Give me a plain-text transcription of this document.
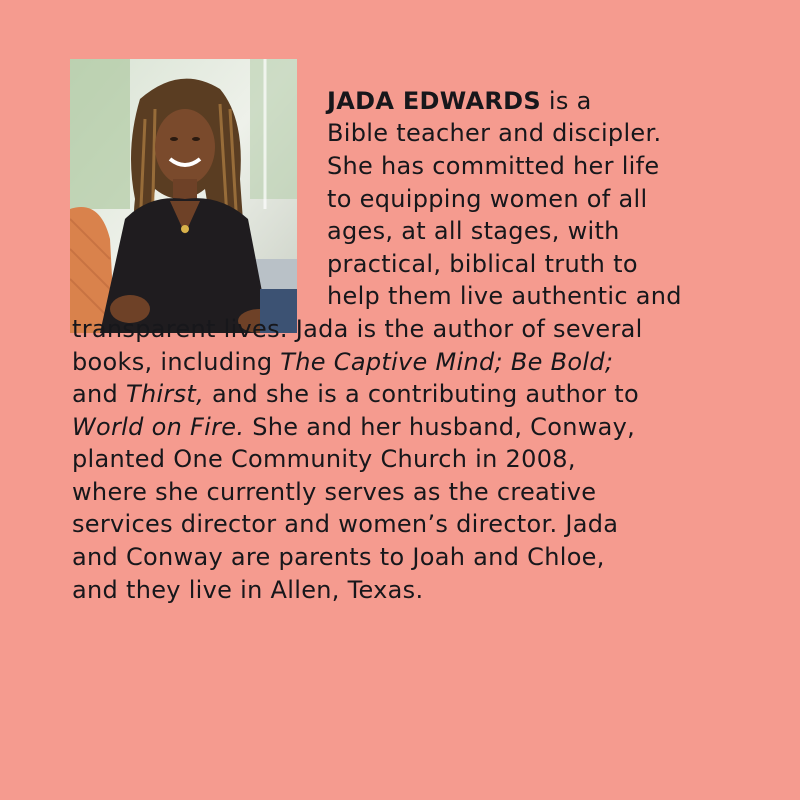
JADA EDWARDS is a
Bible teacher and discipler.
She has committed her life
to equipping women of all
ages, at all stages, with
practical, biblical truth to
help them live authentic and
transparent lives. Jada is the author of several
books, including The Captive Mind; Be Bold;
and Thirst, and she is a contributing author to
World on Fire. She and her husband, Conway,
planted One Community Church in 2008,
where she currently serves as the creative
services director and women’s director. Jada
and Conway are parents to Joah and Chloe,
and they live in Allen, Texas.
